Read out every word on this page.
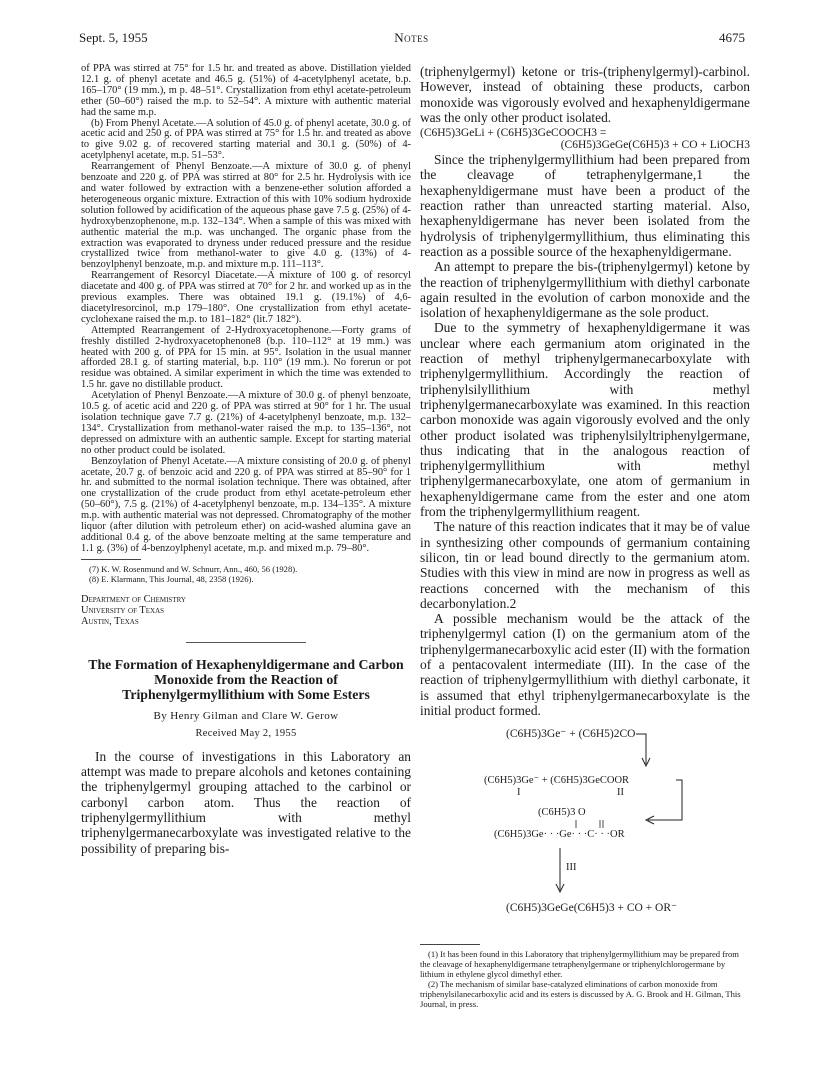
Sept. 5, 1955	Notes	4675

of PPA was stirred at 75° for 1.5 hr. and treated as above. Distillation yielded 12.1 g. of phenyl acetate and 46.5 g. (51%) of 4-acetylphenyl acetate, b.p. 165–170° (19 mm.), m p. 48–51°. Crystallization from ethyl acetate-petroleum ether (50–60°) raised the m.p. to 52–54°. A mixture with authentic material had the same m.p.

(b) From Phenyl Acetate.—A solution of 45.0 g. of phenyl acetate, 30.0 g. of acetic acid and 250 g. of PPA was stirred at 75° for 1.5 hr. and treated as above to give 9.02 g. of recovered starting material and 30.1 g. (50%) of 4-acetylphenyl acetate, m.p. 51–53°.

Rearrangement of Phenyl Benzoate.—A mixture of 30.0 g. of phenyl benzoate and 220 g. of PPA was stirred at 80° for 2.5 hr. Hydrolysis with ice and water followed by extraction with a benzene-ether solution afforded a heterogeneous organic mixture. Extraction of this with 10% sodium hydroxide solution followed by acidification of the aqueous phase gave 7.5 g. (25%) of 4-hydroxybenzophenone, m.p. 132–134°. When a sample of this was mixed with authentic material the m.p. was unchanged. The organic phase from the extraction was evaporated to dryness under reduced pressure and the residue crystallized twice from methanol-water to give 4.0 g. (13%) of 4-benzoylphenyl benzoate, m.p. and mixture m.p. 111–113°.

Rearrangement of Resorcyl Diacetate.—A mixture of 100 g. of resorcyl diacetate and 400 g. of PPA was stirred at 70° for 2 hr. and worked up as in the previous examples. There was obtained 19.1 g. (19.1%) of 4,6-diacetylresorcinol, m.p 179–180°. One crystallization from ethyl acetate-cyclohexane raised the m.p. to 181–182° (lit.7 182°).

Attempted Rearrangement of 2-Hydroxyacetophenone.—Forty grams of freshly distilled 2-hydroxyacetophenone8 (b.p. 110–112° at 19 mm.) was heated with 200 g. of PPA for 15 min. at 95°. Isolation in the usual manner afforded 28.1 g. of starting material, b.p. 110° (19 mm.). No forerun or pot residue was obtained. A similar experiment in which the time was extended to 1.5 hr. gave no distillable product.

Acetylation of Phenyl Benzoate.—A mixture of 30.0 g. of phenyl benzoate, 10.5 g. of acetic acid and 220 g. of PPA was stirred at 90° for 1 hr. The usual isolation technique gave 7.7 g. (21%) of 4-acetylphenyl benzoate, m.p. 132–134°. Crystallization from methanol-water raised the m.p. to 135–136°, not depressed on admixture with an authentic sample. Except for starting material no other product could be isolated.

Benzoylation of Phenyl Acetate.—A mixture consisting of 20.0 g. of phenyl acetate, 20.7 g. of benzoic acid and 220 g. of PPA was stirred at 85–90° for 1 hr. and submitted to the normal isolation technique. There was obtained, after one crystallization of the crude product from ethyl acetate-petroleum ether (50–60°), 7.5 g. (21%) of 4-acetylphenyl benzoate, m.p. 134–135°. A mixture m.p. with authentic material was not depressed. Chromatography of the mother liquor (after dilution with petroleum ether) on acid-washed alumina gave an additional 0.4 g. of the above benzoate melting at the same temperature and 1.1 g. (3%) of 4-benzoylphenyl acetate, m.p. and mixed m.p. 79–80°.

(7) K. W. Rosenmund and W. Schnurr, Ann., 460, 56 (1928).

(8) E. Klarmann, This Journal, 48, 2358 (1926).

Department of Chemistry
University of Texas
Austin, Texas
The Formation of Hexaphenyldigermane and Carbon Monoxide from the Reaction of Triphenylgermyllithium with Some Esters
By Henry Gilman and Clare W. Gerow
Received May 2, 1955

In the course of investigations in this Laboratory an attempt was made to prepare alcohols and ketones containing the triphenylgermyl grouping attached to the carbinol or carbonyl carbon atom. Thus the reaction of triphenylgermyllithium with methyl triphenylgermanecarboxylate was investigated relative to the possibility of preparing bis-

(triphenylgermyl) ketone or tris-(triphenylgermyl)-carbinol. However, instead of obtaining these products, carbon monoxide was vigorously evolved and hexaphenyldigermane was the only other product isolated.

(C6H5)3GeLi + (C6H5)3GeCOOCH3 =
(C6H5)3GeGe(C6H5)3 + CO + LiOCH3

Since the triphenylgermyllithium had been prepared from the cleavage of tetraphenylgermane,1 the hexaphenyldigermane must have been a product of the reaction rather than unreacted starting material. Also, hexaphenyldigermane has never been isolated from the hydrolysis of triphenylgermyllithium, thus eliminating this reaction as a possible source of the hexaphenyldigermane.

An attempt to prepare the bis-(triphenylgermyl) ketone by the reaction of triphenylgermyllithium with diethyl carbonate again resulted in the evolution of carbon monoxide and the isolation of hexaphenyldigermane as the sole product.

Due to the symmetry of hexaphenyldigermane it was unclear where each germanium atom originated in the reaction of methyl triphenylgermanecarboxylate with triphenylgermyllithium. Accordingly the reaction of triphenylsilyllithium with methyl triphenylgermanecarboxylate was examined. In this reaction carbon monoxide was again vigorously evolved and the only other product isolated was triphenylsilyltriphenylgermane, thus indicating that in the analogous reaction of triphenylgermyllithium with methyl triphenylgermanecarboxylate, one atom of germanium in hexaphenyldigermane came from the ester and one atom from the triphenylgermyllithium reagent.

The nature of this reaction indicates that it may be of value in synthesizing other compounds of germanium containing silicon, tin or lead bound directly to the germanium atom. Studies with this view in mind are now in progress as well as reactions concerned with the mechanism of this decarbonylation.2

A possible mechanism would be the attack of the triphenylgermyl cation (I) on the germanium atom of the triphenylgermanecarboxylic acid ester (II) with the formation of a pentacovalent intermediate (III). In the case of the reaction of triphenylgermyllithium with diethyl carbonate, it is assumed that ethyl triphenylgermanecarboxylate is the initial product formed.

(C6H5)3Ge⁻ + (C6H5)2CO
(C6H5)3Ge⁻ + (C6H5)3GeCOOR
I	II
(C6H5)3 O
(C6H5)3Ge· · ·Ge· · ·C· · ·OR
III
(C6H5)3GeGe(C6H5)3 + CO + OR⁻

(1) It has been found in this Laboratory that triphenylgermyllithium may be prepared from the cleavage of hexaphenyldigermane tetraphenylgermane or triphenylchlorogermane by lithium in ethylene glycol dimethyl ether.

(2) The mechanism of similar base-catalyzed eliminations of carbon monoxide from triphenylsilanecarboxylic acid and its esters is discussed by A. G. Brook and H. Gilman, This Journal, in press.
